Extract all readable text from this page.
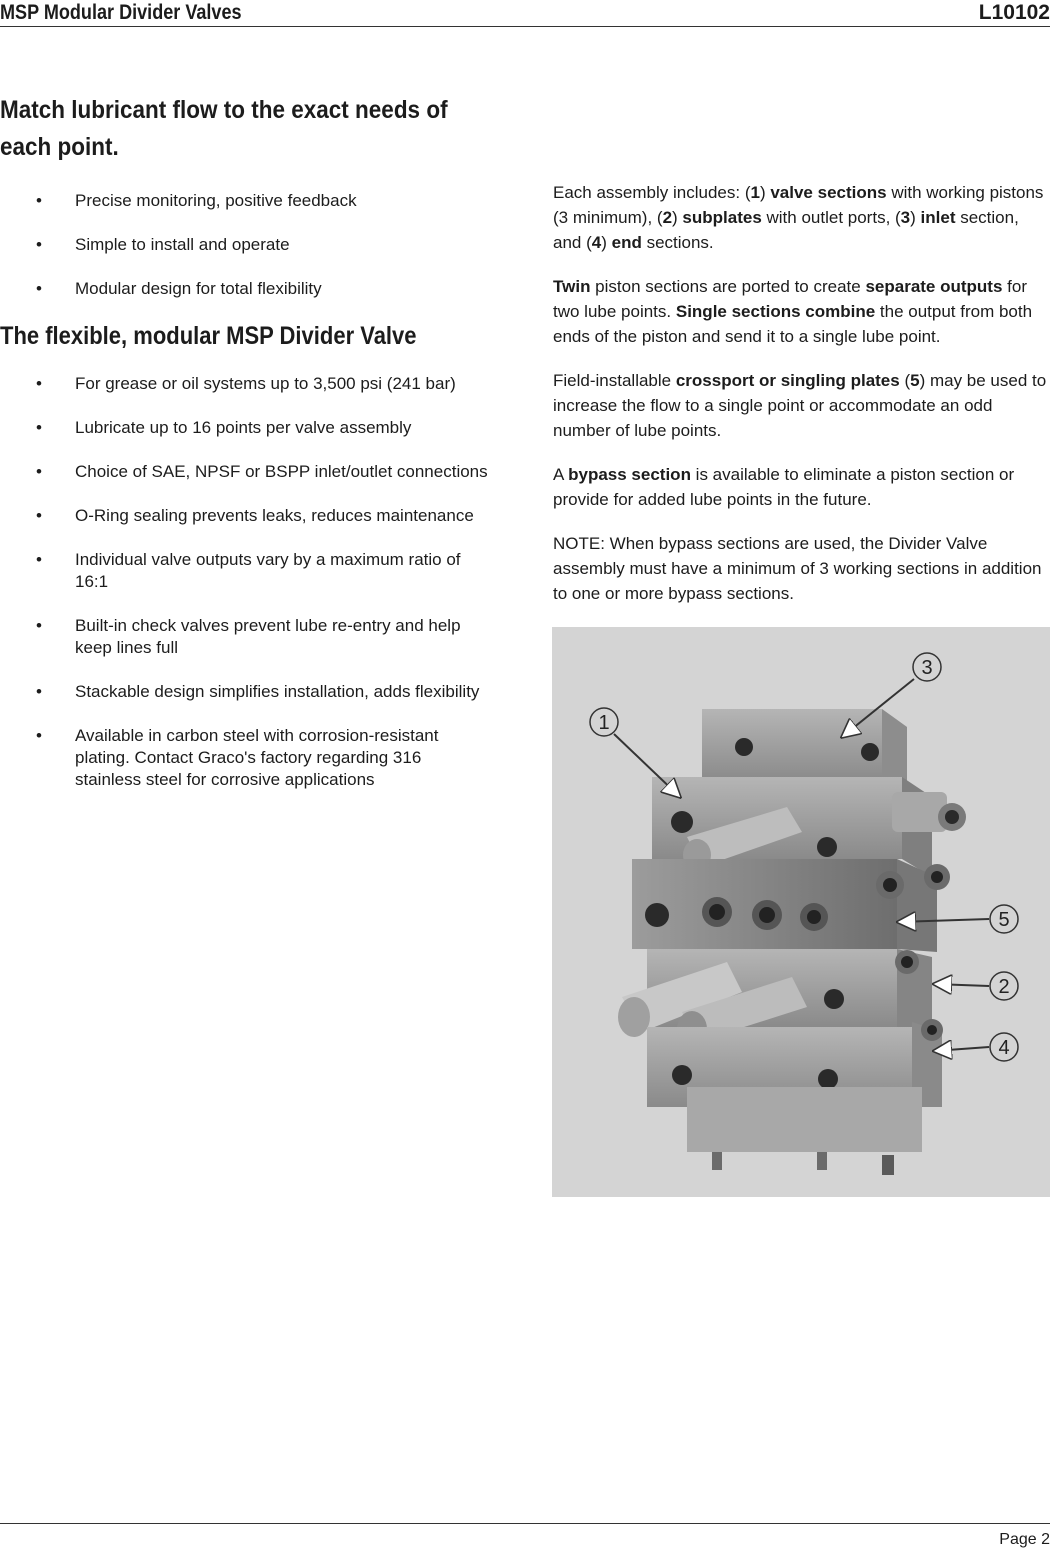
MSP Modular Divider Valves	L10102
Match lubricant flow to the exact needs of each point.
• Precise monitoring, positive feedback
• Simple to install and operate
• Modular design for total flexibility
The flexible, modular MSP Divider Valve
• For grease or oil systems up to 3,500 psi (241 bar)
• Lubricate up to 16 points per valve assembly
• Choice of SAE, NPSF or BSPP inlet/outlet connections
• O-Ring sealing prevents leaks, reduces maintenance
• Individual valve outputs vary by a maximum ratio of 16:1
• Built-in check valves prevent lube re-entry and help keep lines full
• Stackable design simplifies installation, adds flexibility
• Available in carbon steel with corrosion-resistant plating. Contact Graco's factory regarding 316 stainless steel for corrosive applications

Each assembly includes: (1) valve sections with working pistons (3 minimum), (2) subplates with outlet ports, (3) inlet section, and (4) end sections.

Twin piston sections are ported to create separate outputs for two lube points. Single sections combine the output from both ends of the piston and send it to a single lube point.

Field-installable crossport or singling plates (5) may be used to increase the flow to a single point or accommodate an odd number of lube points.

A bypass section is available to eliminate a piston section or provide for added lube points in the future.

NOTE: When bypass sections are used, the Divider Valve assembly must have a minimum of 3 working sections in addition to one or more bypass sections.

3
1
5
2
4
Page 2
